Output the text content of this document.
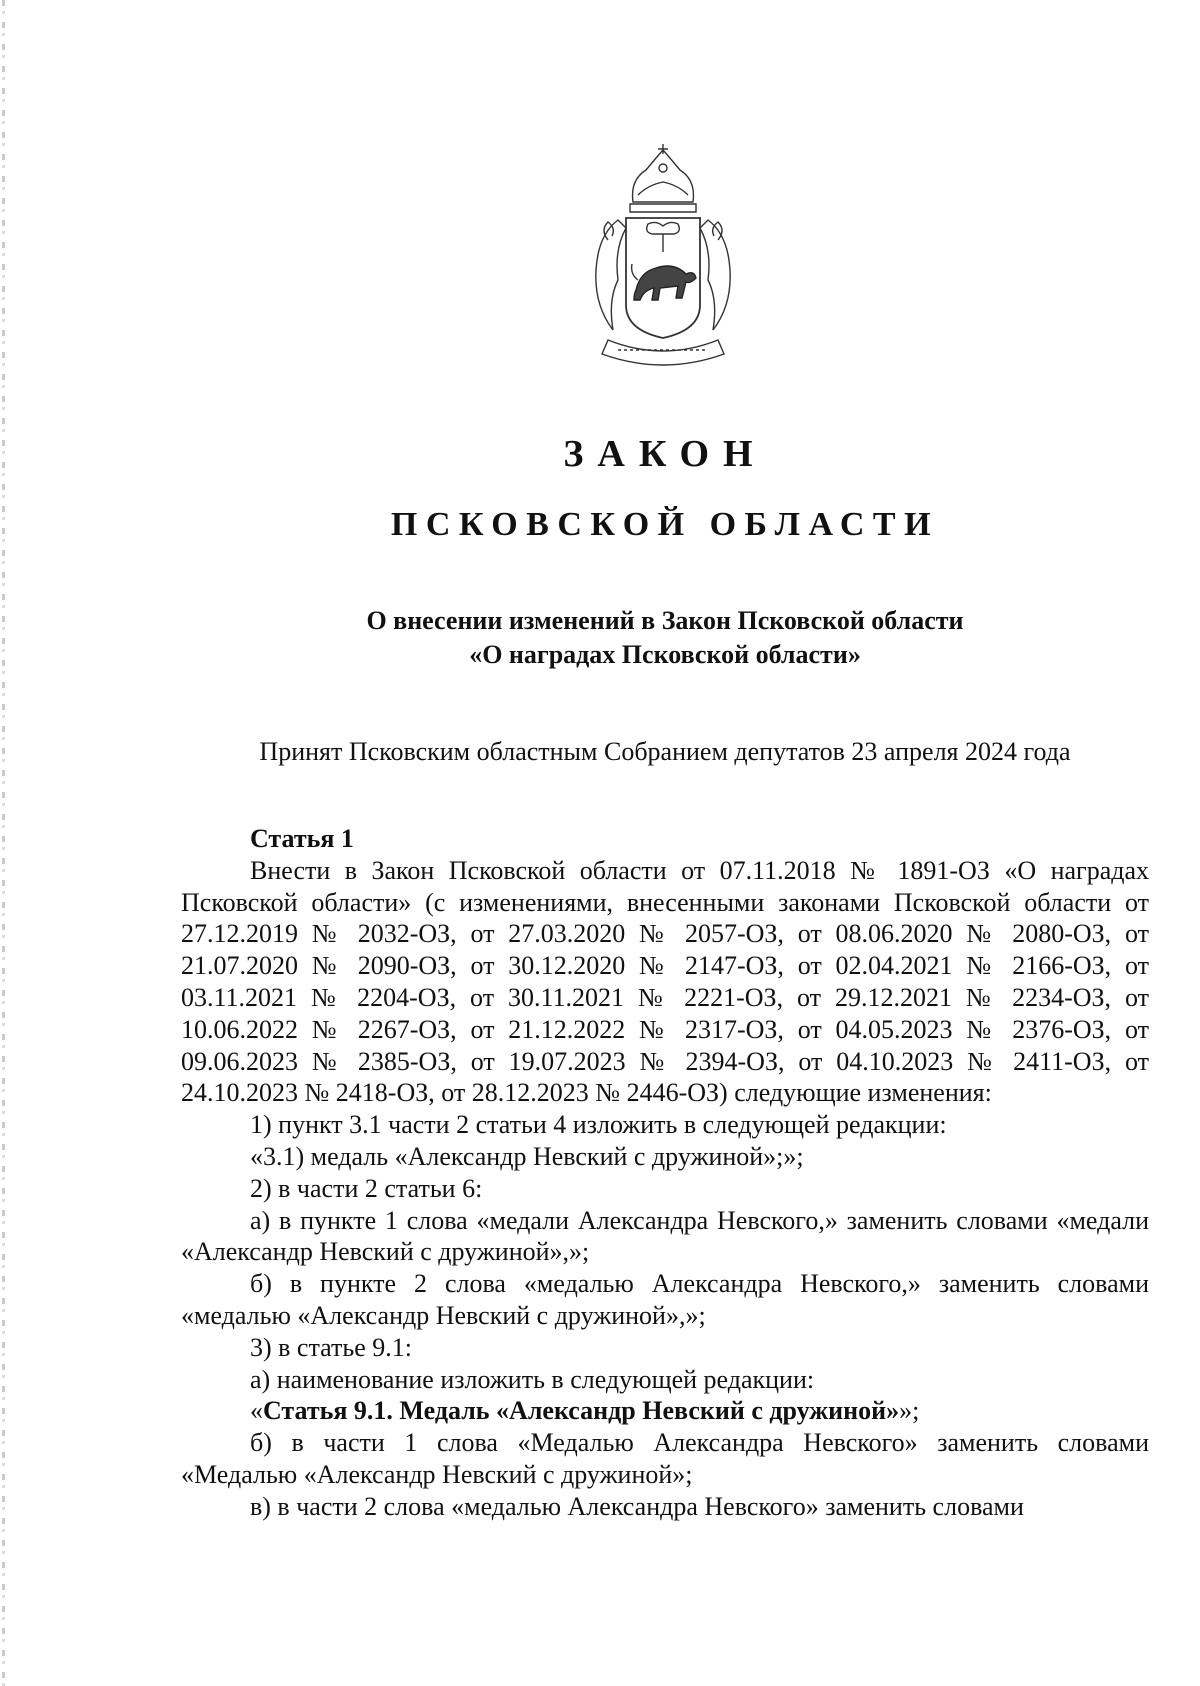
ЗАКОН
ПСКОВСКОЙ ОБЛАСТИ
О внесении изменений в Закон Псковской области
«О наградах Псковской области»
Принят Псковским областным Собранием депутатов 23 апреля 2024 года
Статья 1

Внести в Закон Псковской области от 07.11.2018 № 1891-ОЗ «О наградах Псковской области» (с изменениями, внесенными законами Псковской области от 27.12.2019 № 2032-ОЗ, от 27.03.2020 № 2057-ОЗ, от 08.06.2020 № 2080-ОЗ, от 21.07.2020 № 2090-ОЗ, от 30.12.2020 № 2147-ОЗ, от 02.04.2021 № 2166-ОЗ, от 03.11.2021 № 2204-ОЗ, от 30.11.2021 № 2221-ОЗ, от 29.12.2021 № 2234-ОЗ, от 10.06.2022 № 2267-ОЗ, от 21.12.2022 № 2317-ОЗ, от 04.05.2023 № 2376-ОЗ, от 09.06.2023 № 2385-ОЗ, от 19.07.2023 № 2394-ОЗ, от 04.10.2023 № 2411-ОЗ, от 24.10.2023 № 2418-ОЗ, от 28.12.2023 № 2446-ОЗ) следующие изменения:

1) пункт 3.1 части 2 статьи 4 изложить в следующей редакции:

«3.1) медаль «Александр Невский с дружиной»;»;

2) в части 2 статьи 6:

а) в пункте 1 слова «медали Александра Невского,» заменить словами «медали «Александр Невский с дружиной»,»;

б) в пункте 2 слова «медалью Александра Невского,» заменить словами «медалью «Александр Невский с дружиной»,»;

3) в статье 9.1:

а) наименование изложить в следующей редакции:

«Статья 9.1. Медаль «Александр Невский с дружиной»»;

б) в части 1 слова «Медалью Александра Невского» заменить словами «Медалью «Александр Невский с дружиной»;

в) в части 2 слова «медалью Александра Невского» заменить словами
